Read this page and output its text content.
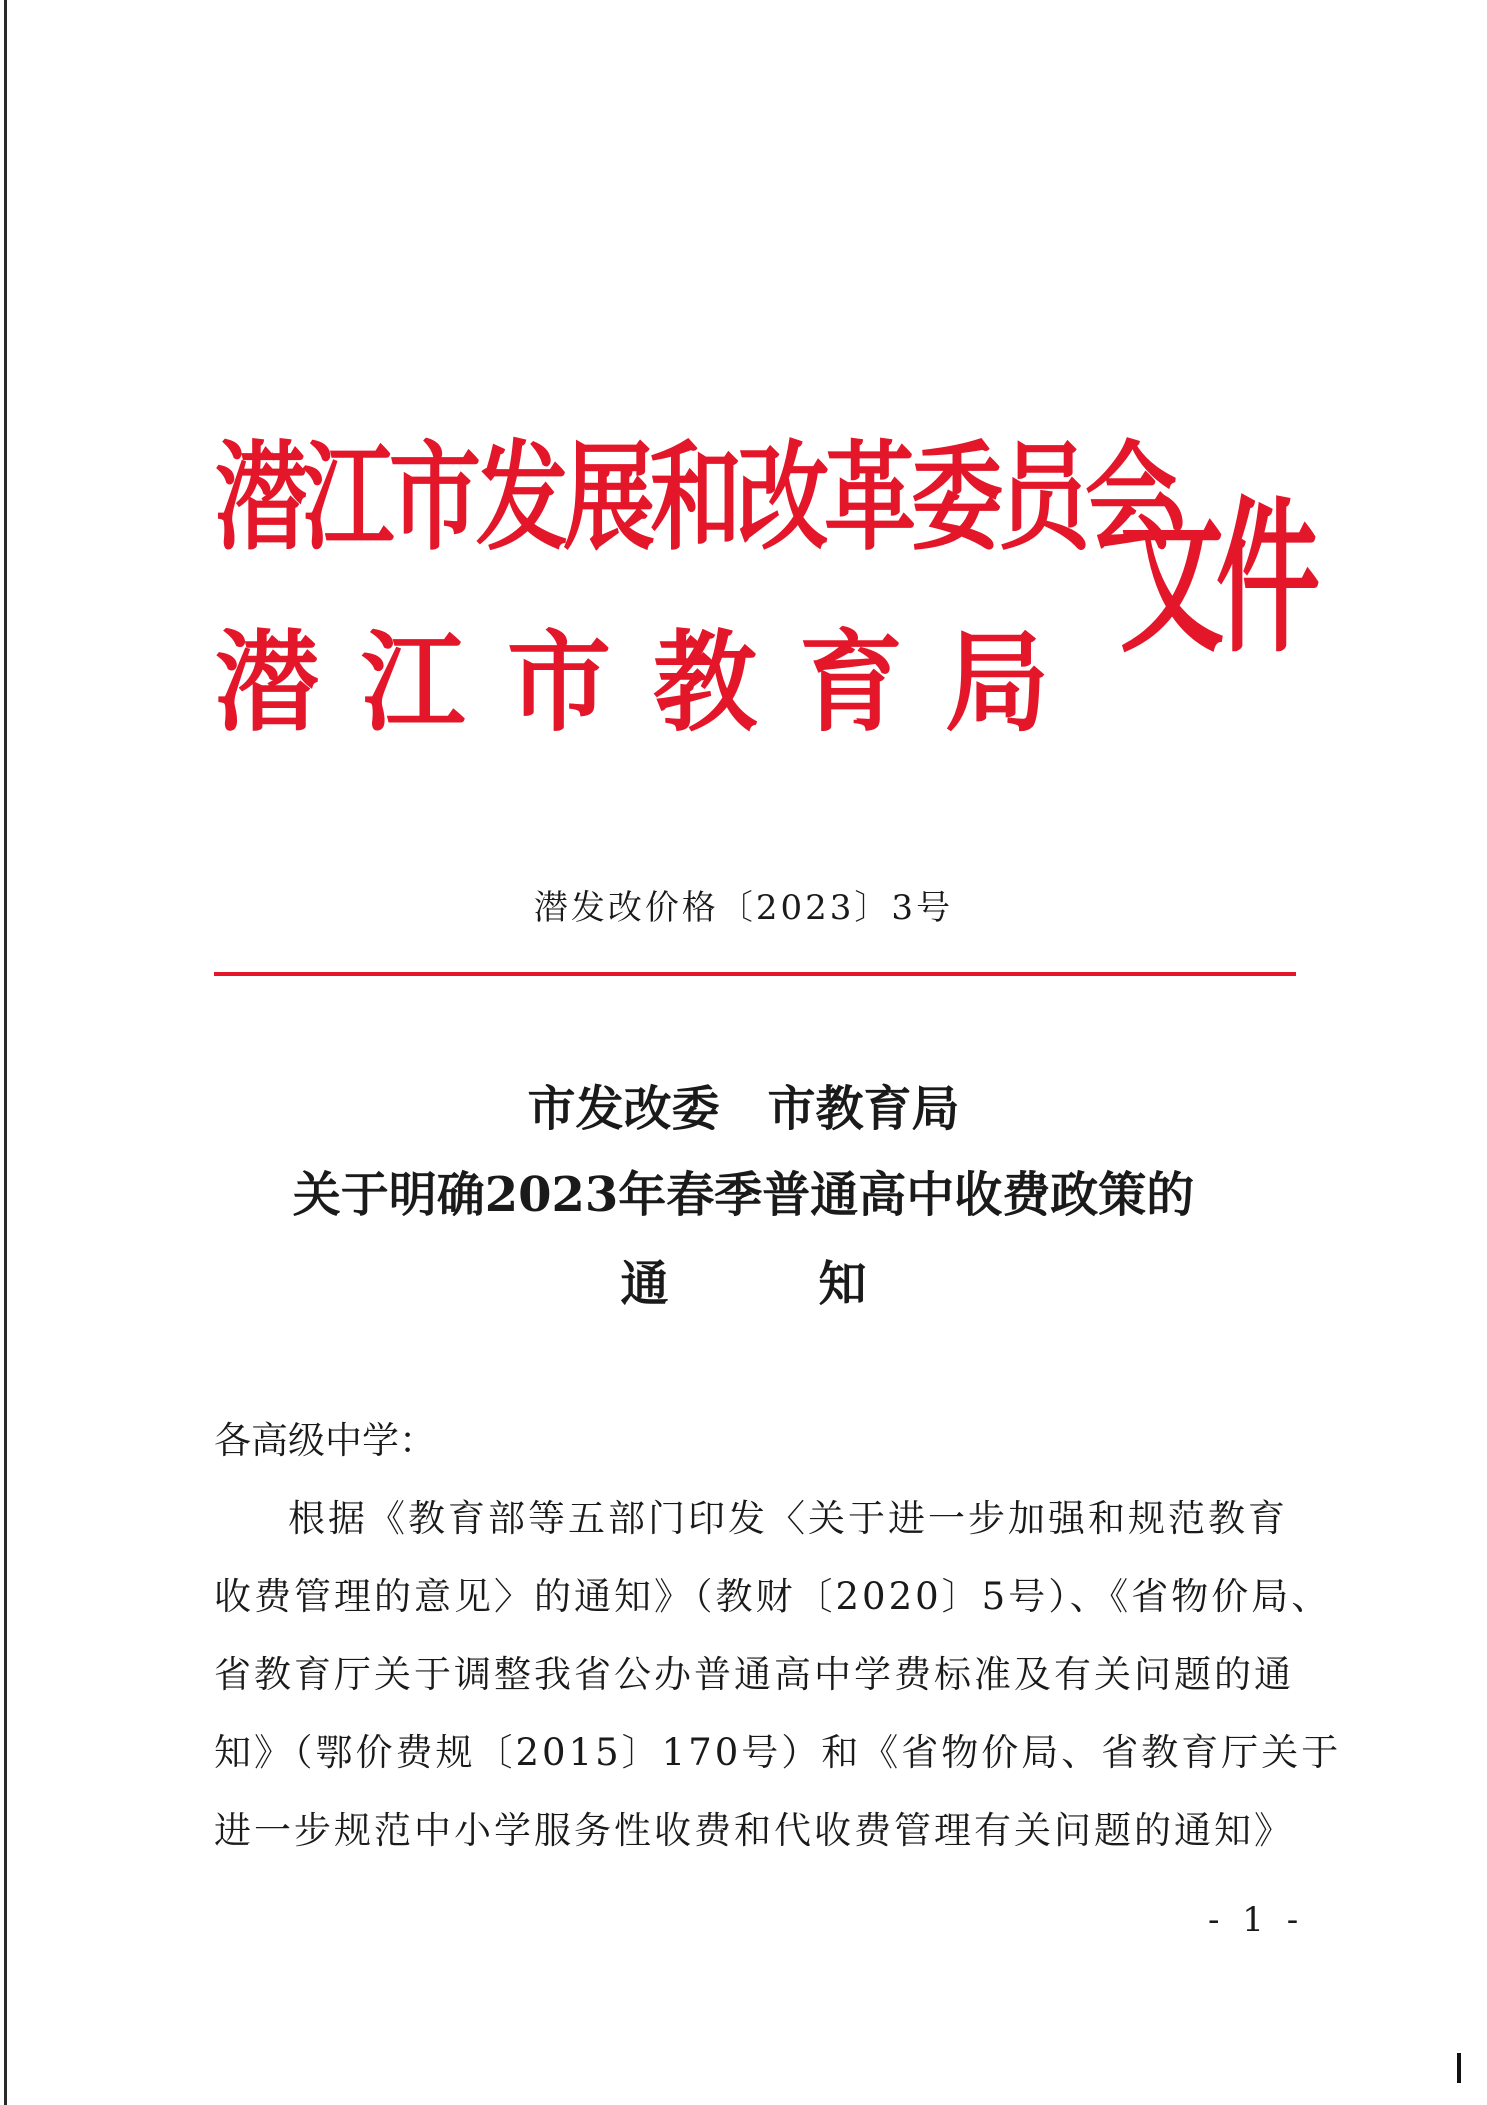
潜江市发展和改革委员会
潜江市教育局
文件
潜发改价格〔2023〕3号
市发改委　市教育局
关于明确2023年春季普通高中收费政策的
通知
各高级中学：
根据《教育部等五部门印发〈关于进一步加强和规范教育
收费管理的意见〉的通知》（教财〔2020〕5号）、《省物价局、
省教育厅关于调整我省公办普通高中学费标准及有关问题的通
知》（鄂价费规〔2015〕170号）和《省物价局、省教育厅关于
进一步规范中小学服务性收费和代收费管理有关问题的通知》
- 1 -
